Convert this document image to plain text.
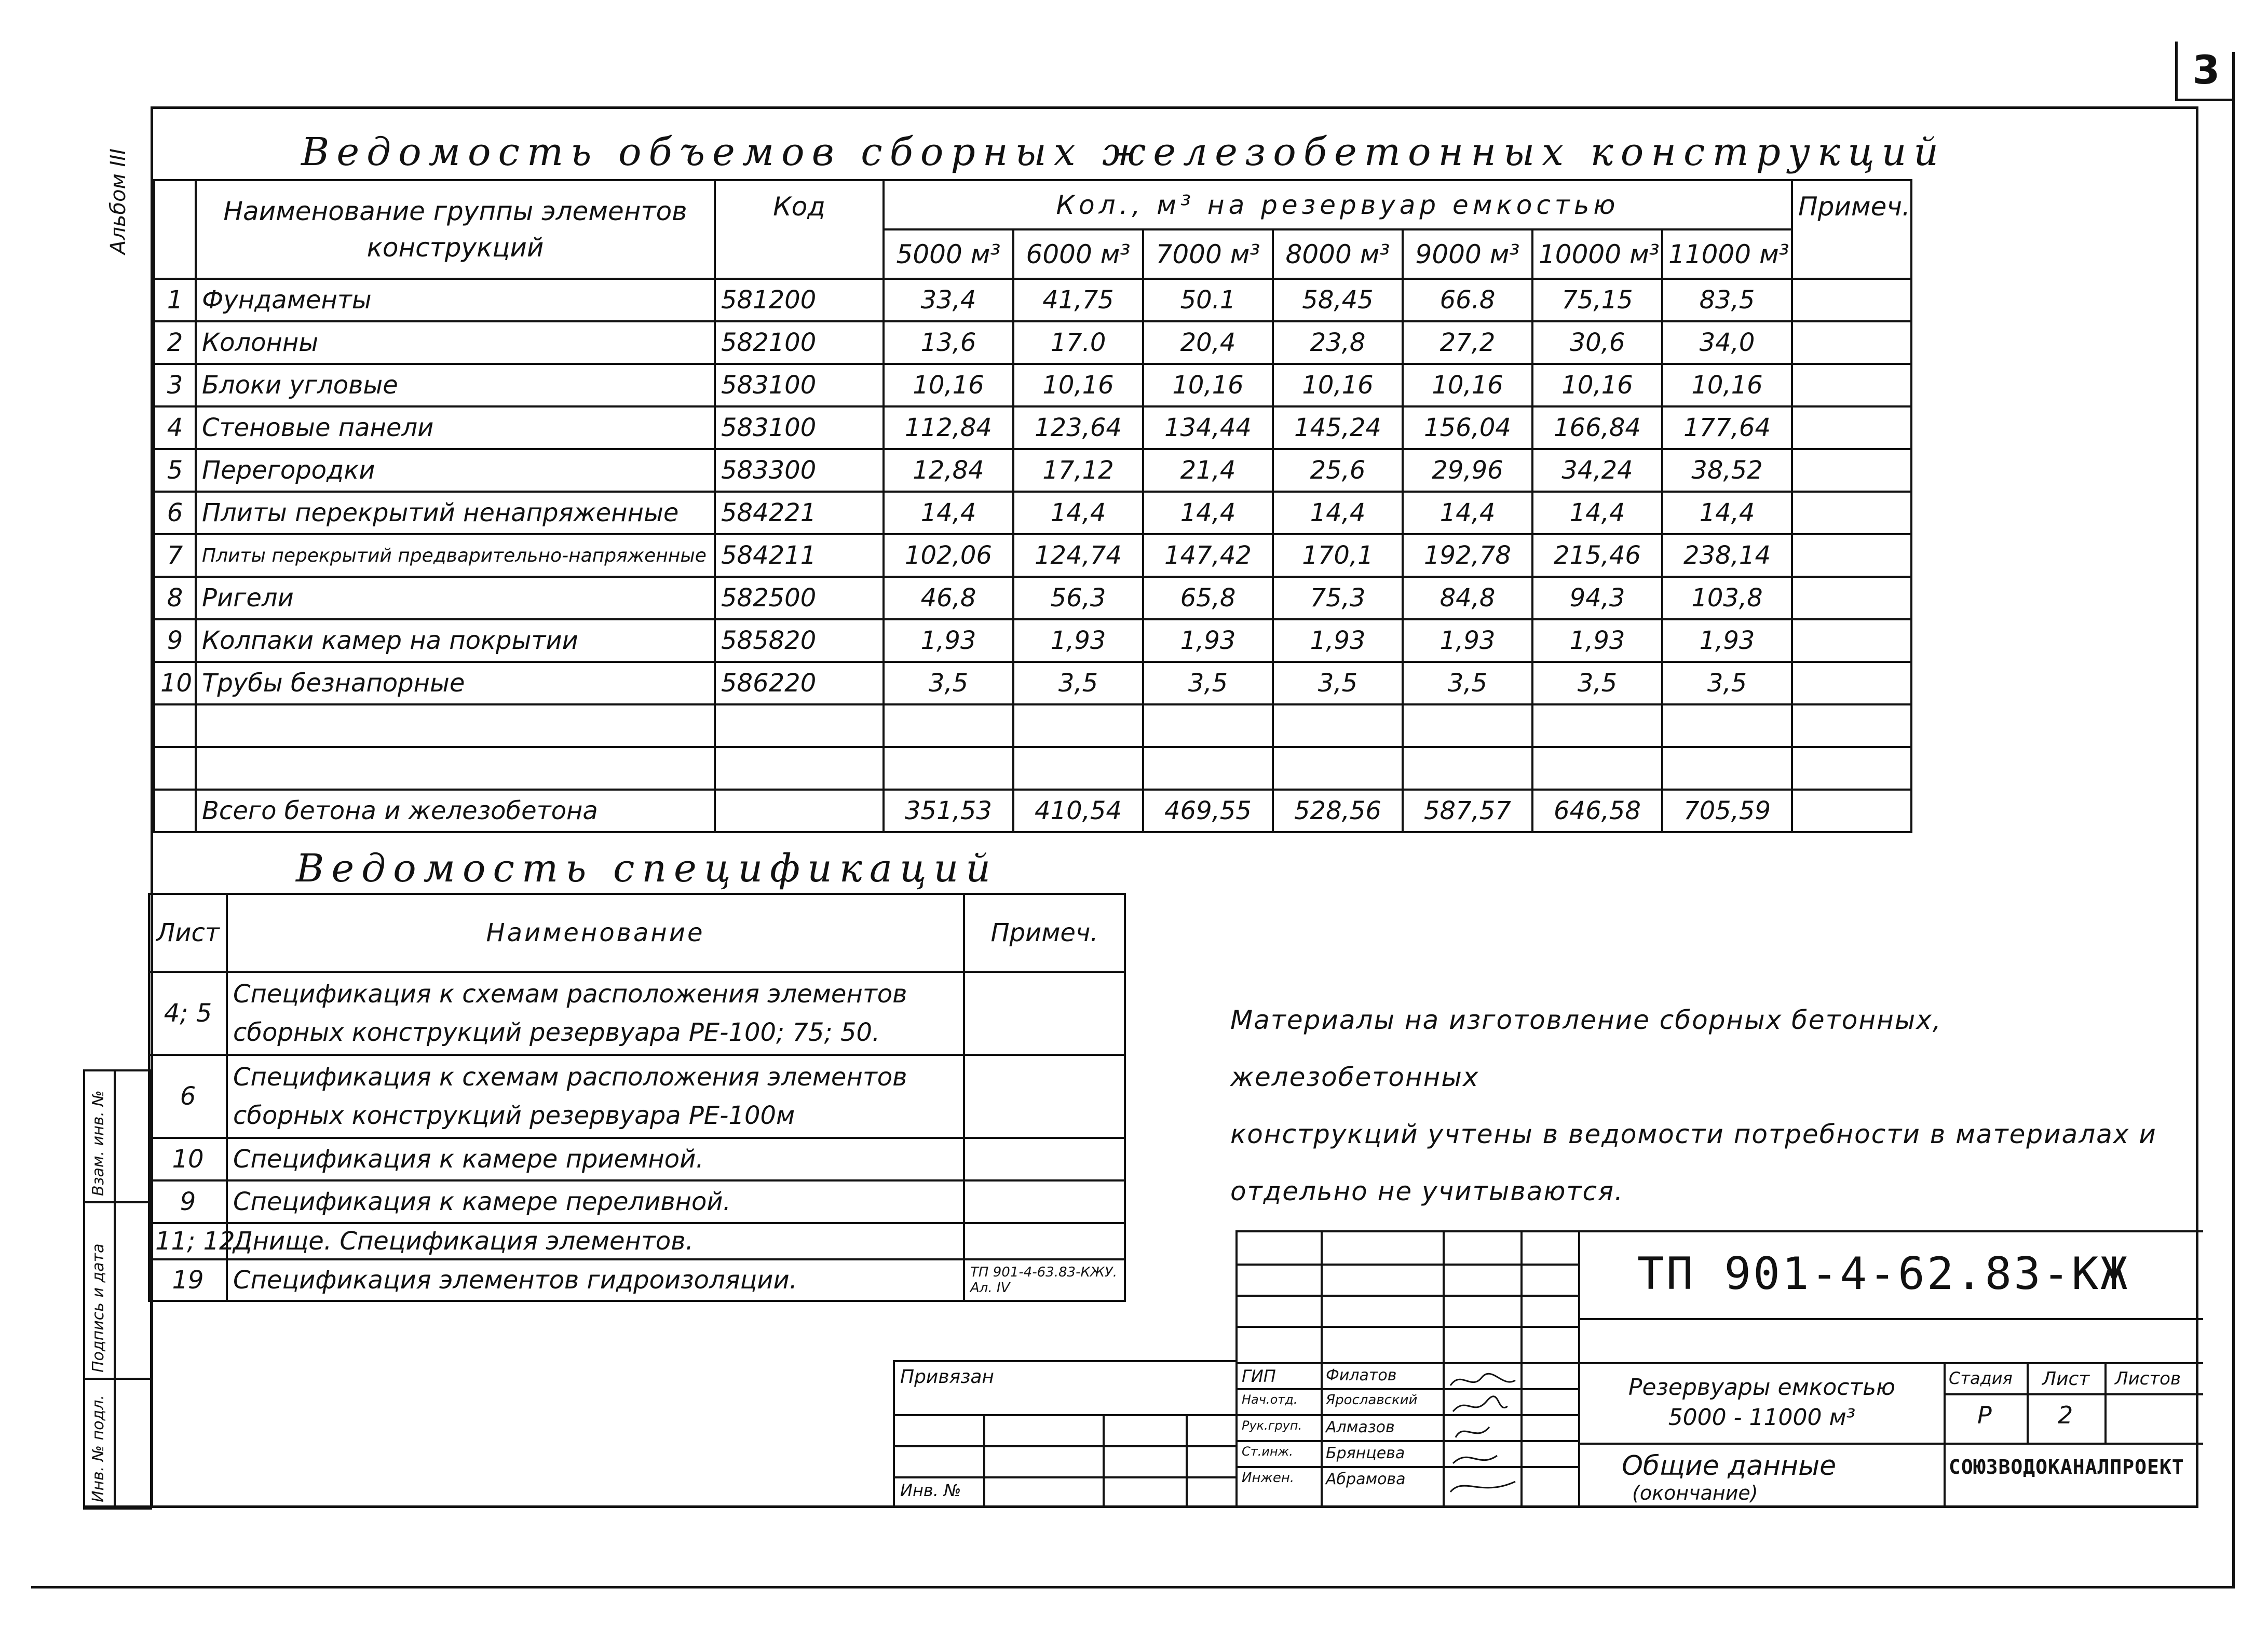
3
Альбом III	Ведомость объемов сборных железобетонных конструкций
	Наименование группы элементов конструкций	Код	Кол., м³ на резервуар емкостью							Примеч.
			5000 м³	6000 м³	7000 м³	8000 м³	9000 м³	10000 м³	11000 м³	
1	Фундаменты	581200	33,4	41,75	50.1	58,45	66.8	75,15	83,5	
2	Колонны	582100	13,6	17.0	20,4	23,8	27,2	30,6	34,0	
3	Блоки угловые	583100	10,16	10,16	10,16	10,16	10,16	10,16	10,16	
4	Стеновые панели	583100	112,84	123,64	134,44	145,24	156,04	166,84	177,64	
5	Перегородки	583300	12,84	17,12	21,4	25,6	29,96	34,24	38,52	
6	Плиты перекрытий ненапряженные	584221	14,4	14,4	14,4	14,4	14,4	14,4	14,4	
7	Плиты перекрытий предварительно-напряженные	584211	102,06	124,74	147,42	170,1	192,78	215,46	238,14	
8	Ригели	582500	46,8	56,3	65,8	75,3	84,8	94,3	103,8	
9	Колпаки камер на покрытии	585820	1,93	1,93	1,93	1,93	1,93	1,93	1,93	
10	Трубы безнапорные	586220	3,5	3,5	3,5	3,5	3,5	3,5	3,5	

	Всего бетона и железобетона		351,53	410,54	469,55	528,56	587,57	646,58	705,59	
Ведомость спецификаций
Лист	Наименование	Примеч.
4; 5	Спецификация к схемам расположения элементов сборных конструкций резервуара РЕ-100; 75; 50.	
6	Спецификация к схемам расположения элементов сборных конструкций резервуара РЕ-100м	
10	Спецификация к камере приемной.	
9	Спецификация к камере переливной.	
11; 12	Днище. Спецификация элементов.	
19	Спецификация элементов гидроизоляции.	ТП 901-4-63.83-КЖУ. Ал. IV
Материалы на изготовление сборных бетонных, железобетонных
конструкций учтены в ведомости потребности в материалах и
отдельно не учитываются.
Инв. № подл.
Подпись и дата
Взам. инв. №
Привязан
Инв. №
ГИП	Филатов
Нач.отд. Ярославский
Рук.груп. Алмазов
Ст.инж. Брянцева
Инжен. Абрамова
ТП 901-4-62.83-КЖ
Резервуары емкостью 5000 - 11000 м³
Общие данные
(окончание)
Стадия Лист Листов
Р	2
СОЮЗВОДОКАНАЛПРОЕКТ
